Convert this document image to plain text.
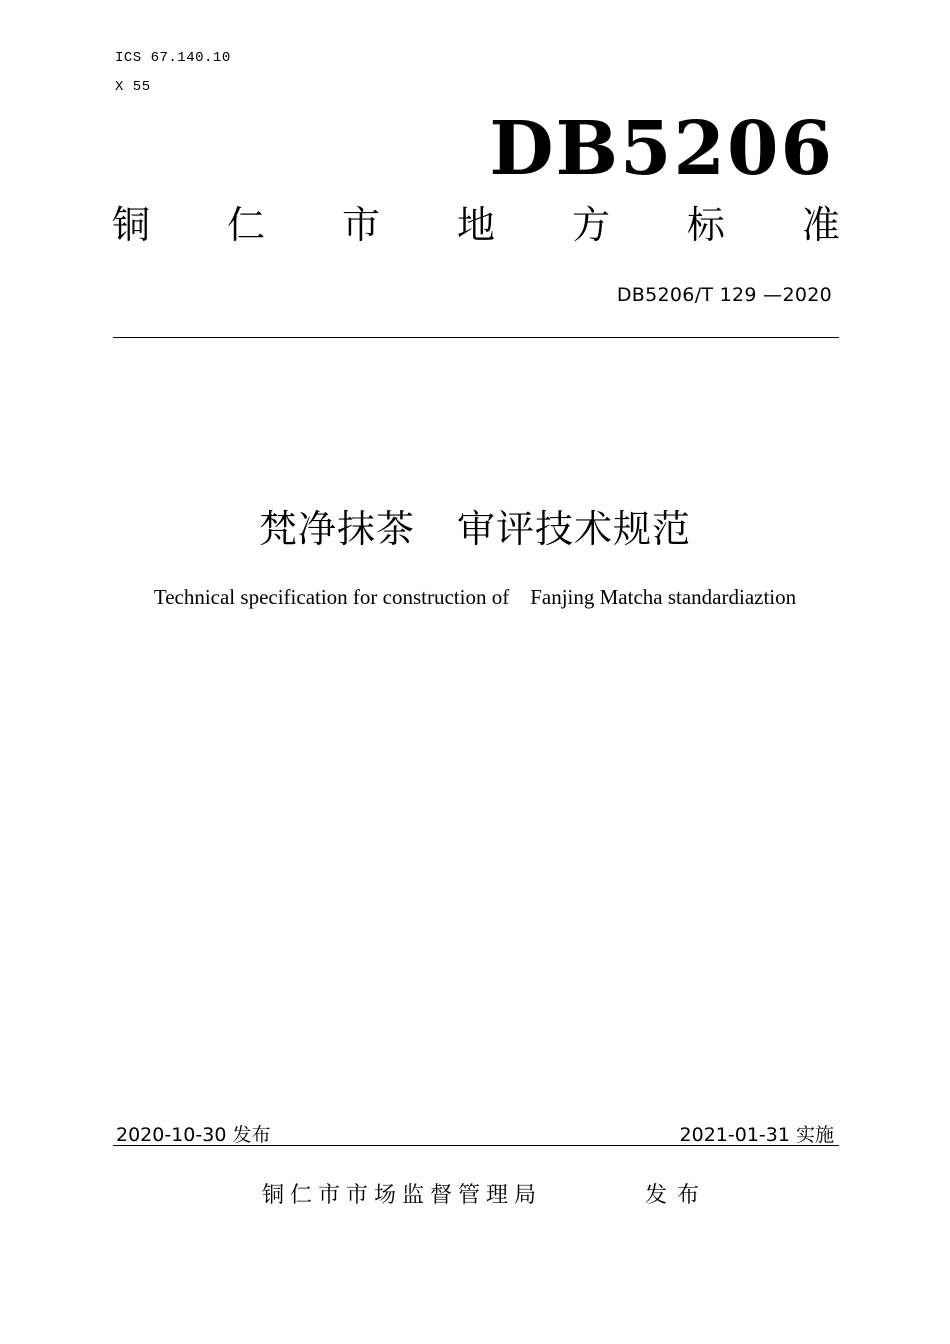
ICS 67.140.10
X 55
DB5206
铜 仁 市 地 方 标 准
DB5206/T 129 —2020
梵净抹茶 审评技术规范
Technical specification for construction of    Fanjing Matcha standardiaztion
2020-10-30 发布	2021-01-31 实施
铜仁市市场监督管理局	发布
